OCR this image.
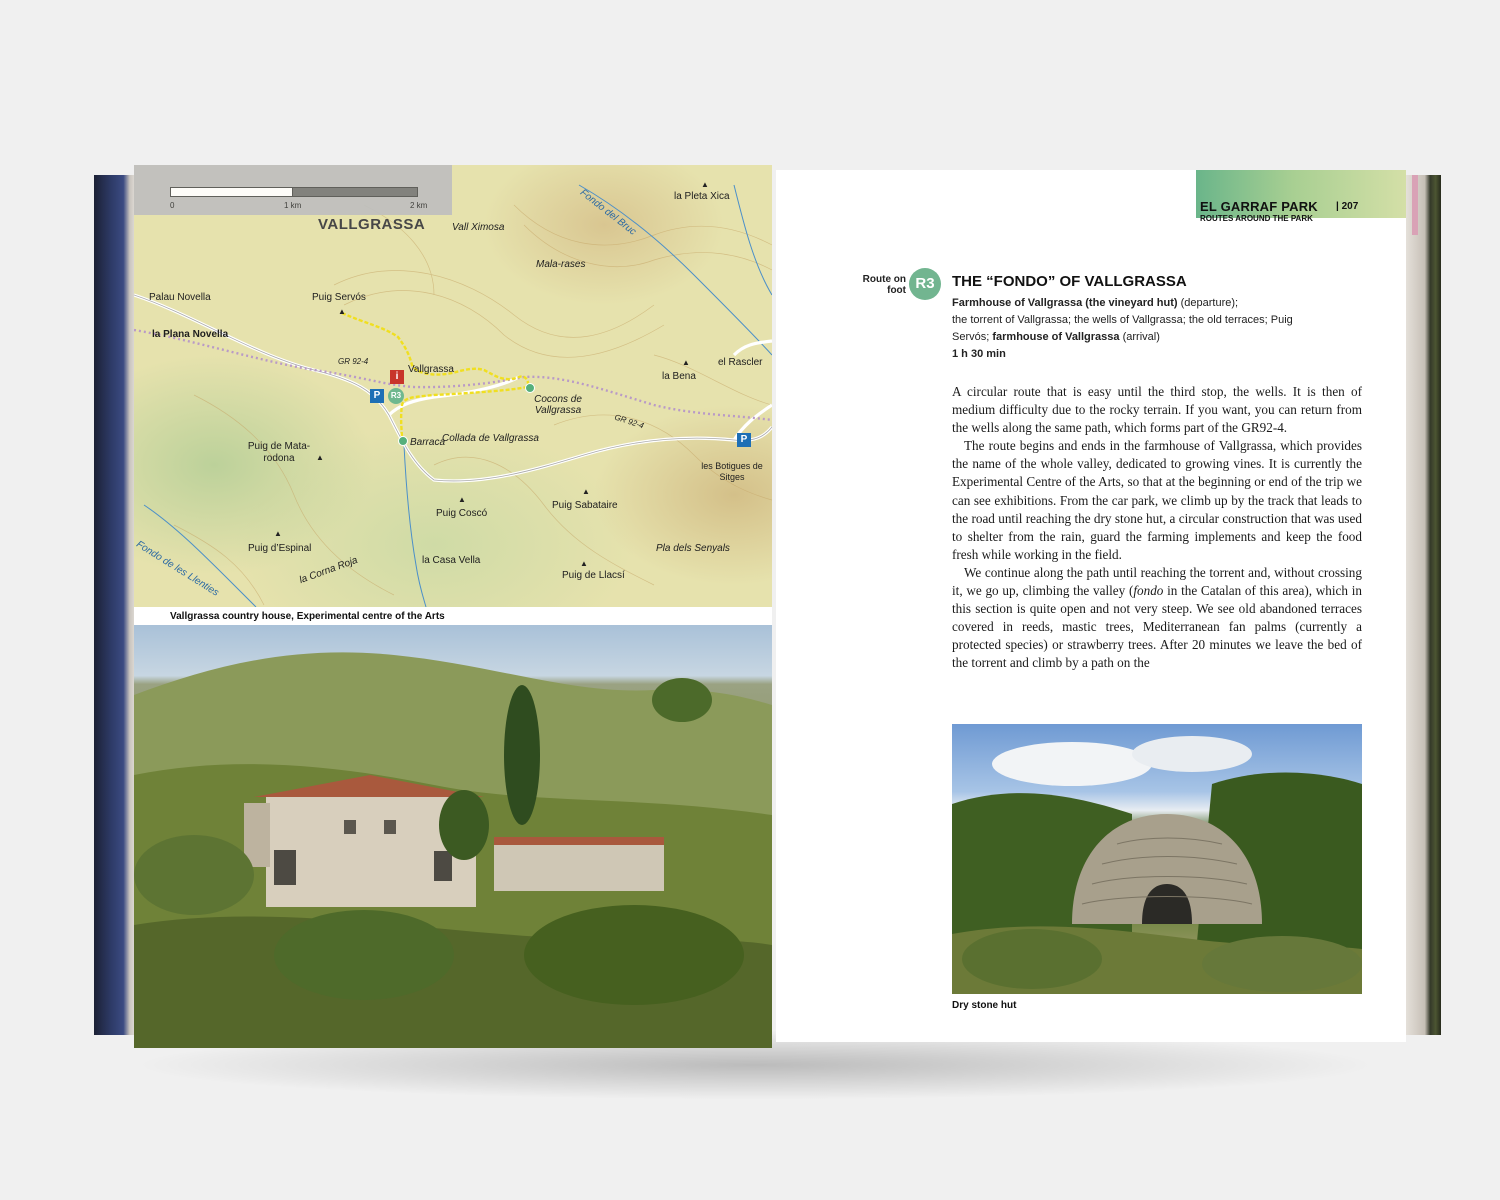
0	1 km	2 km
VALLGRASSA	Vall Ximosa	Fondo del Bruc
▲
la Pleta Xica
Mala-rases
Palau Novella	Puig Servós
▲
la Plana Novella
GR 92-4
Vallgrassa
el Rascler
▲
la Bena
Cocons de Vallgrassa
GR 92-4
Barraca
Puig de Mata-rodona	▲
Collada de Vallgrassa
les Botigues de Sitges
▲
Puig Coscó
▲
Puig Sabataire
Fondo de les Llenties
▲
Puig d’Espinal
la Corna Roja	la Casa Vella
Pla dels Senyals
▲
Puig de Llacsí
i
P	R3
P
Vallgrassa country house, Experimental centre of the Arts
EL GARRAF PARK | 207
ROUTES AROUND THE PARK
Route on foot R3	THE “FONDO” OF VALLGRASSA
Farmhouse of Vallgrassa (the vineyard hut) (departure);
the torrent of Vallgrassa; the wells of Vallgrassa; the old terraces; Puig Servós; farmhouse of Vallgrassa (arrival)
1 h 30 min

A circular route that is easy until the third stop, the wells. It is then of medium difficulty due to the rocky terrain. If you want, you can return from the wells along the same path, which forms part of the GR92-4.

The route begins and ends in the farmhouse of Vallgrassa, which provides the name of the whole valley, dedicated to growing vines. It is currently the Experimental Centre of the Arts, so that at the beginning or end of the trip we can see exhibitions. From the car park, we climb up by the track that leads to the road until reaching the dry stone hut, a circular construction that was used to shelter from the rain, guard the farming implements and keep the food fresh while working in the field.

We continue along the path until reaching the torrent and, without crossing it, we go up, climbing the valley (fondo in the Catalan of this area), which in this section is quite open and not very steep. We see old abandoned terraces covered in reeds, mastic trees, Mediterranean fan palms (currently a protected species) or strawberry trees. After 20 minutes we leave the bed of the torrent and climb by a path on the

Dry stone hut
